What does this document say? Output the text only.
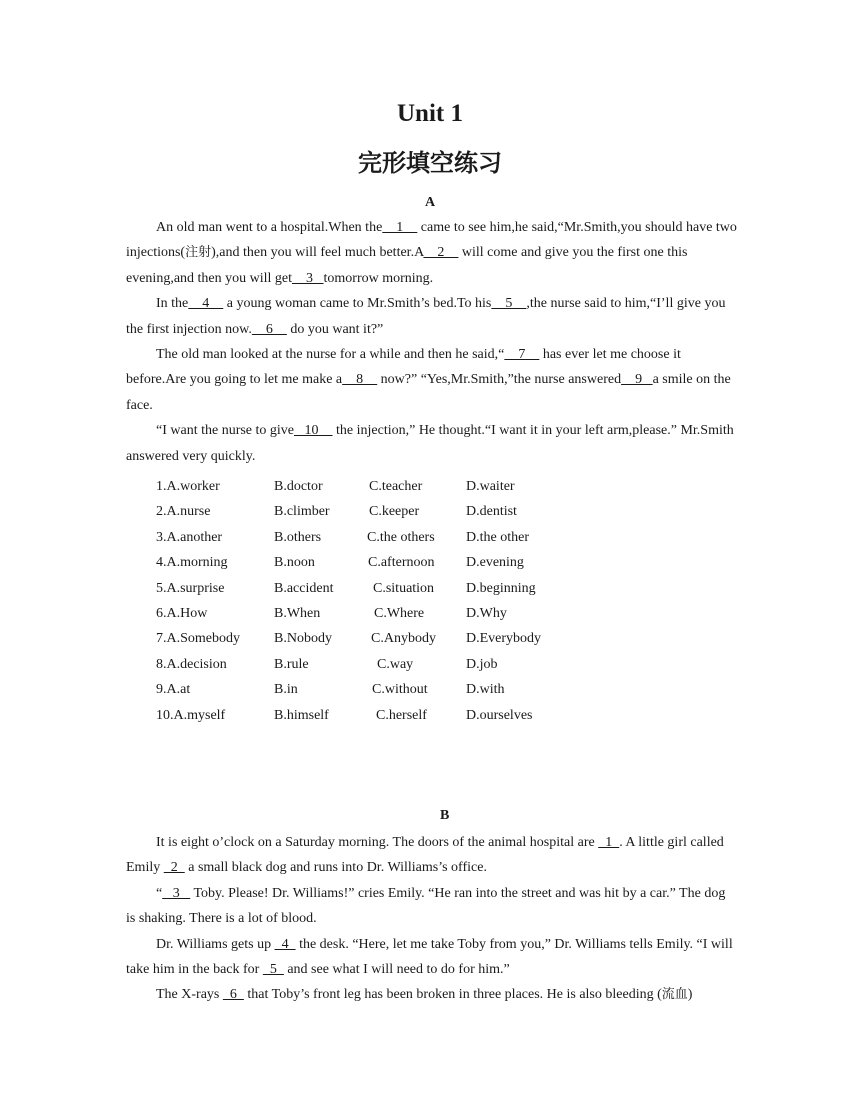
Unit 1
完形填空练习
A

An old man went to a hospital.When the    1     came to see him,he said,“Mr.Smith,you should have two injections(注射),and then you will feel much better.A    2     will come and give you the first one this evening,and then you will get    3   tomorrow morning.

In the    4     a young woman came to Mr.Smith’s bed.To his    5    ,the nurse said to him,“I’ll give you the first injection now.    6     do you want it?”

The old man looked at the nurse for a while and then he said,“    7     has ever let me choose it before.Are you going to let me make a    8     now?” “Yes,Mr.Smith,”the nurse answered    9   a smile on the face.

“I want the nurse to give   10     the injection,” He thought.“I want it in your left arm,please.” Mr.Smith answered very quickly.

1.A.worker	B.doctor	C.teacher	D.waiter
2.A.nurse	B.climber	C.keeper	D.dentist
3.A.another	B.others	C.the others D.the other
4.A.morning	B.noon	C.afternoon D.evening
5.A.surprise	B.accident	C.situation D.beginning
6.A.How	B.When	C.Where	D.Why
7.A.Somebody B.Nobody	C.Anybody D.Everybody
8.A.decision	B.rule	C.way	D.job
9.A.at	B.in	C.without	D.with
10.A.myself	B.himself	C.herself	D.ourselves
B

It is eight o’clock on a Saturday morning. The doors of the animal hospital are   1  . A little girl called Emily   2   a small black dog and runs into Dr. Williams’s office.

“   3    Toby. Please! Dr. Williams!” cries Emily. “He ran into the street and was hit by a car.” The dog is shaking. There is a lot of blood.

Dr. Williams gets up   4   the desk. “Here, let me take Toby from you,” Dr. Williams tells Emily. “I will take him in the back for   5   and see what I will need to do for him.”

The X-rays   6   that Toby’s front leg has been broken in three places. He is also bleeding (流血)
